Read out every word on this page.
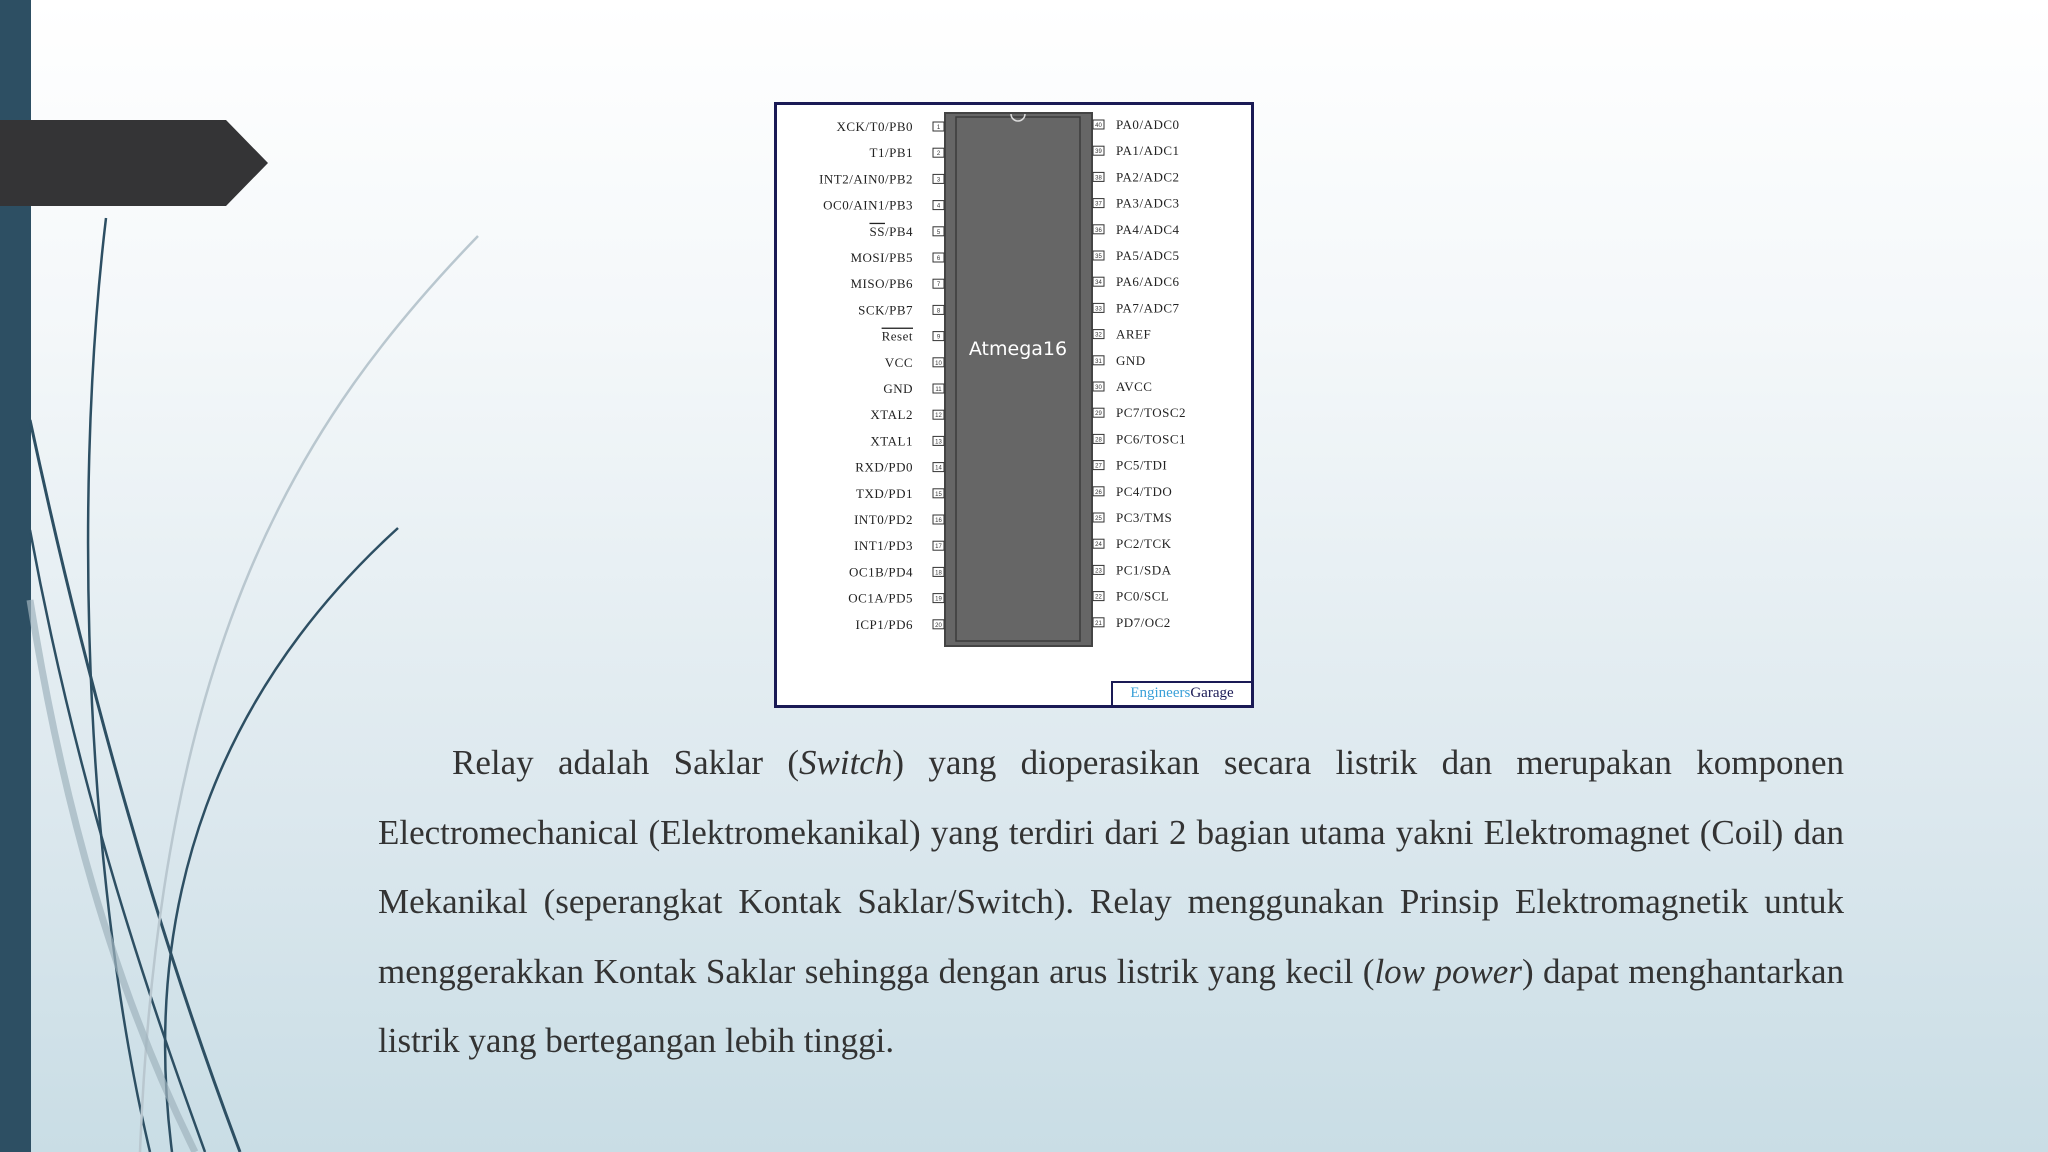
Atmega16
1
XCK/T0/PB0
2
T1/PB1
3
INT2/AIN0/PB2
4
OC0/AIN1/PB3
5
SS/PB4
6
MOSI/PB5
7
MISO/PB6
8
SCK/PB7
9
Reset
10
VCC
11
GND
12
XTAL2
13
XTAL1
14
RXD/PD0
15
TXD/PD1
16
INT0/PD2
17
INT1/PD3
18
OC1B/PD4
19
OC1A/PD5
20
ICP1/PD6
40 PA0/ADC0
39 PA1/ADC1
38 PA2/ADC2
37 PA3/ADC3
36 PA4/ADC4
35 PA5/ADC5
34 PA6/ADC6
33 PA7/ADC7
32 AREF
31 GND
30 AVCC
29 PC7/TOSC2
28 PC6/TOSC1
27 PC5/TDI
26 PC4/TDO
25 PC3/TMS
24 PC2/TCK
23 PC1/SDA
22 PC0/SCL
21 PD7/OC2
EngineersGarage

Relay adalah Saklar (Switch) yang dioperasikan secara listrik dan merupakan komponen Electromechanical (Elektromekanikal) yang terdiri dari 2 bagian utama yakni Elektromagnet (Coil) dan Mekanikal (seperangkat Kontak Saklar/Switch). Relay menggunakan Prinsip Elektromagnetik untuk menggerakkan Kontak Saklar sehingga dengan arus listrik yang kecil (low power) dapat menghantarkan listrik yang bertegangan lebih tinggi.
